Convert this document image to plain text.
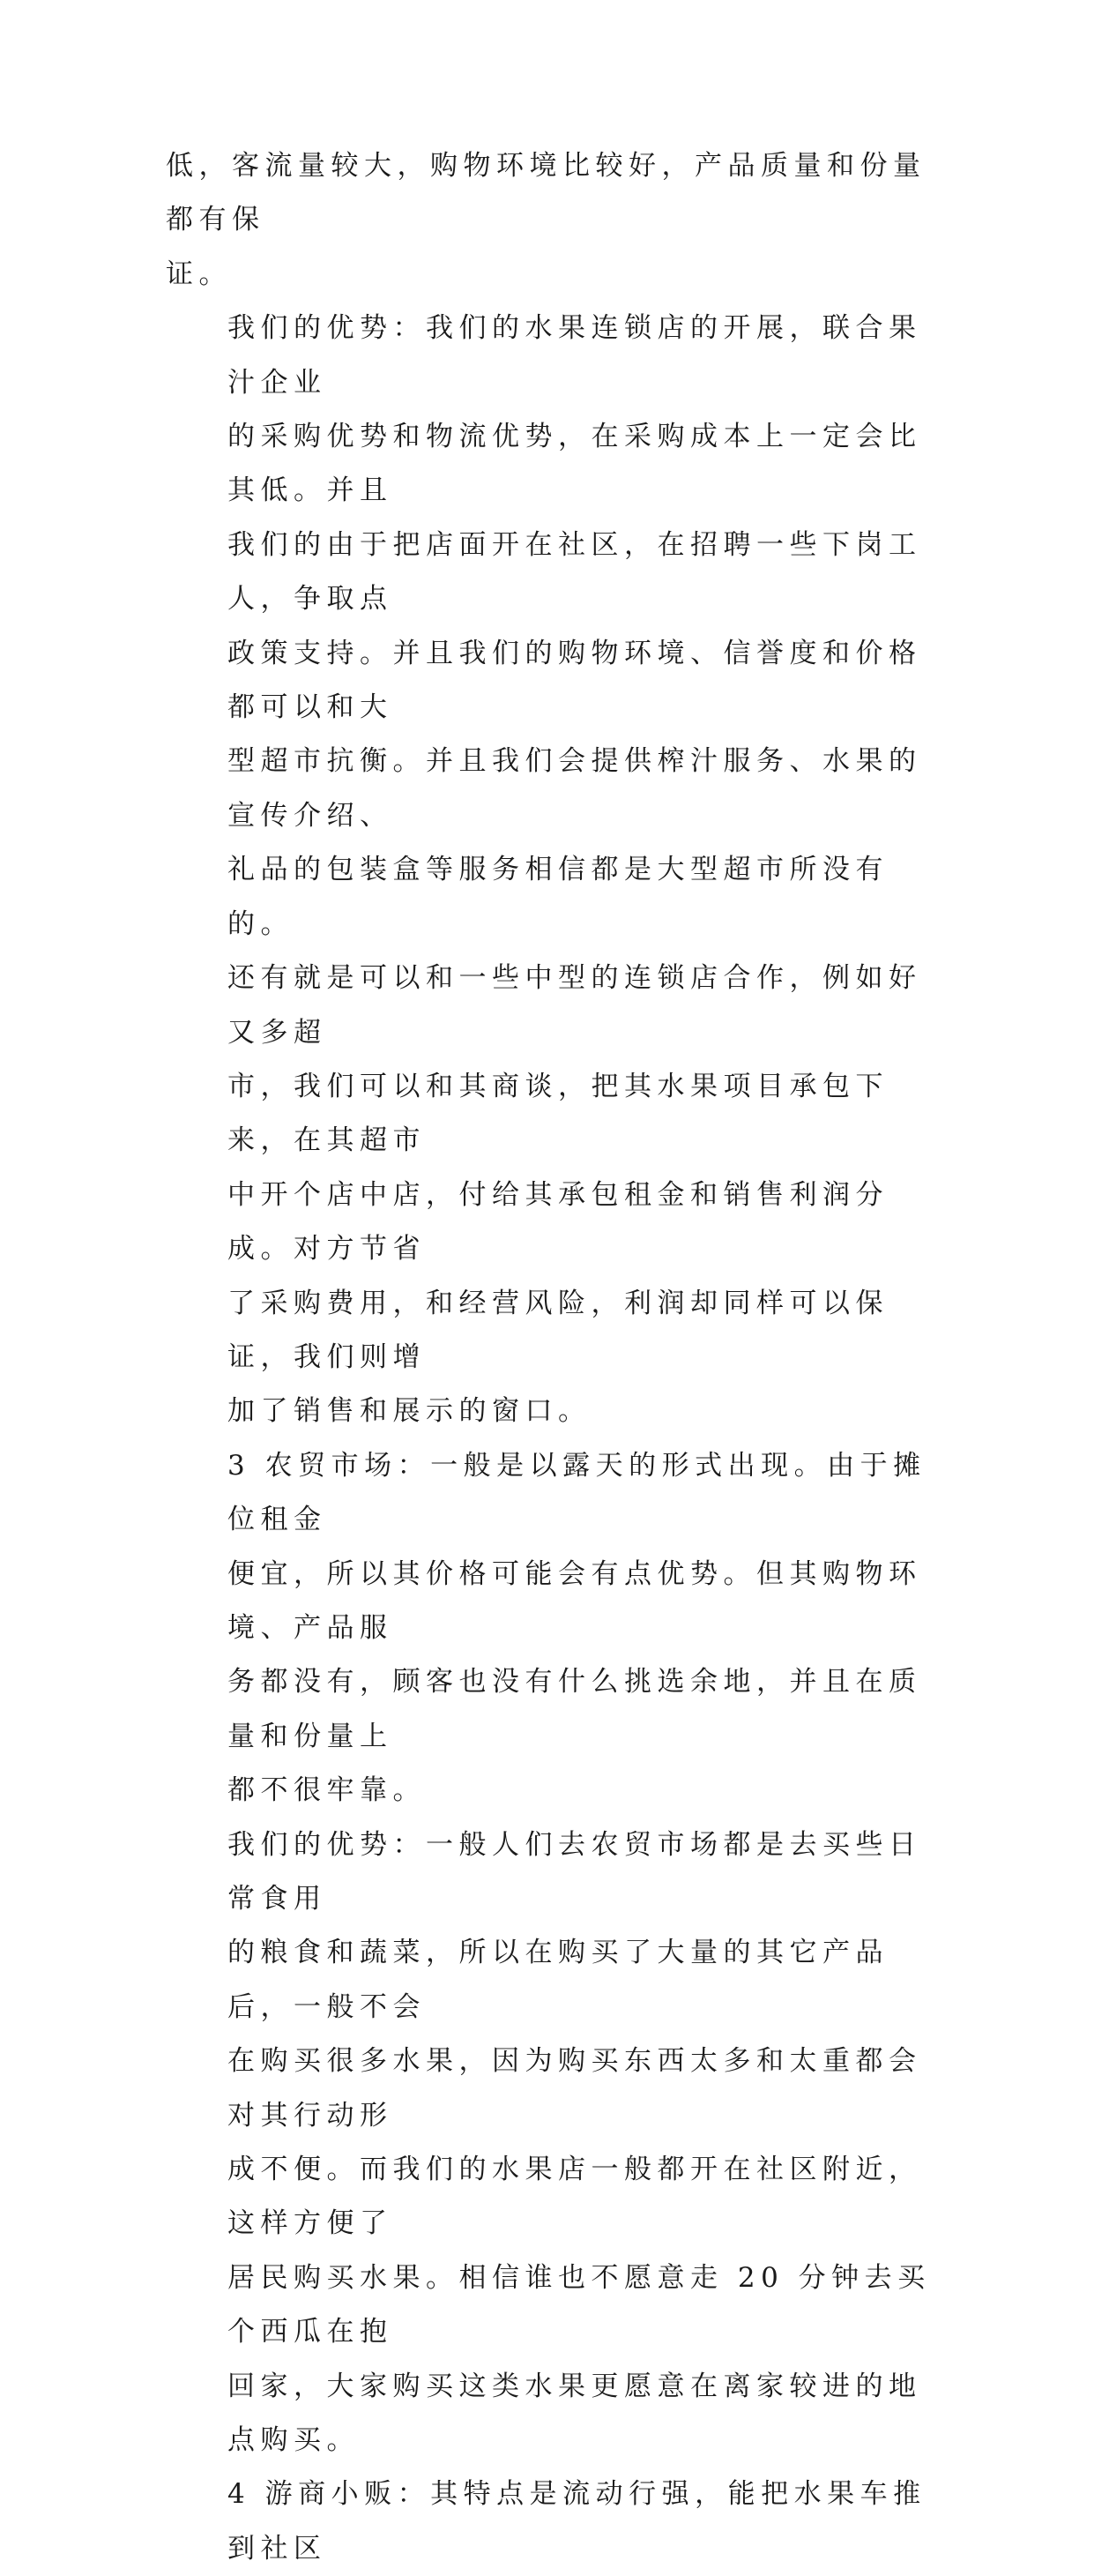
低，客流量较大，购物环境比较好，产品质量和份量都有保
证。

我们的优势：我们的水果连锁店的开展，联合果汁企业
的采购优势和物流优势，在采购成本上一定会比其低。并且
我们的由于把店面开在社区，在招聘一些下岗工人，争取点
政策支持。并且我们的购物环境、信誉度和价格都可以和大
型超市抗衡。并且我们会提供榨汁服务、水果的宣传介绍、
礼品的包装盒等服务相信都是大型超市所没有的。

还有就是可以和一些中型的连锁店合作，例如好又多超
市，我们可以和其商谈，把其水果项目承包下来，在其超市
中开个店中店，付给其承包租金和销售利润分成。对方节省
了采购费用，和经营风险，利润却同样可以保证，我们则增
加了销售和展示的窗口。

3 农贸市场：一般是以露天的形式出现。由于摊位租金
便宜，所以其价格可能会有点优势。但其购物环境、产品服
务都没有，顾客也没有什么挑选余地，并且在质量和份量上
都不很牢靠。

我们的优势：一般人们去农贸市场都是去买些日常食用
的粮食和蔬菜，所以在购买了大量的其它产品后，一般不会
在购买很多水果，因为购买东西太多和太重都会对其行动形
成不便。而我们的水果店一般都开在社区附近，这样方便了
居民购买水果。相信谁也不愿意走 20 分钟去买个西瓜在抱
回家，大家购买这类水果更愿意在离家较进的地点购买。

4 游商小贩：其特点是流动行强，能把水果车推到社区
